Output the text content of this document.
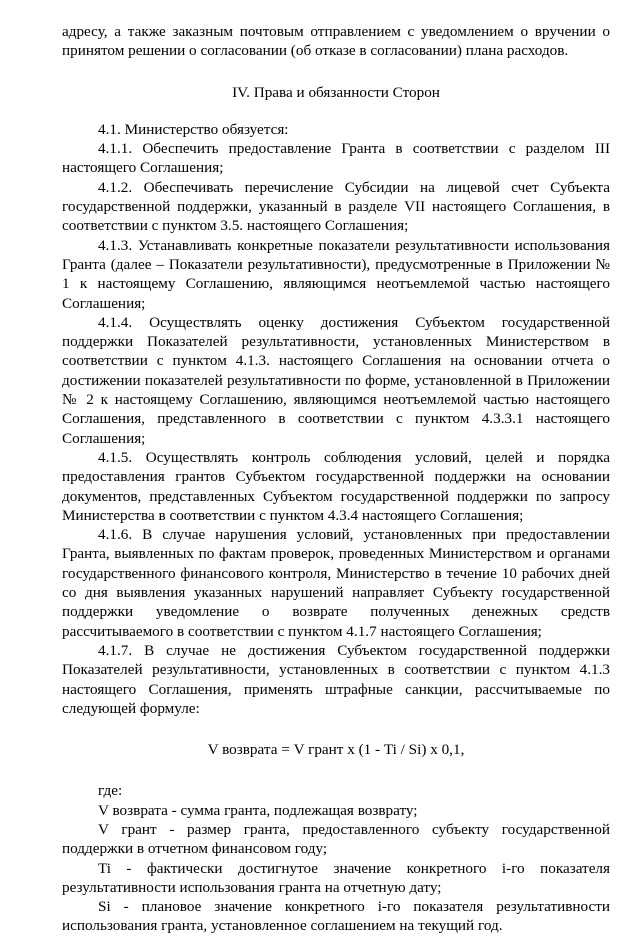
адресу, а также заказным почтовым отправлением с уведомлением о вручении о принятом решении о согласовании (об отказе в согласовании) плана расходов.

IV. Права и обязанности Сторон

4.1. Министерство обязуется:

4.1.1. Обеспечить предоставление Гранта в соответствии с разделом III настоящего Соглашения;

4.1.2. Обеспечивать перечисление Субсидии на лицевой счет Субъекта государственной поддержки, указанный в разделе VII настоящего Соглашения, в соответствии с пунктом 3.5. настоящего Соглашения;

4.1.3. Устанавливать конкретные показатели результативности использования Гранта (далее – Показатели результативности), предусмотренные в Приложении № 1 к настоящему Соглашению, являющимся неотъемлемой частью настоящего Соглашения;

4.1.4. Осуществлять оценку достижения Субъектом государственной поддержки Показателей результативности, установленных Министерством в соответствии с пунктом 4.1.3. настоящего Соглашения на основании отчета о достижении показателей результативности по форме, установленной в Приложении № 2 к настоящему Соглашению, являющимся неотъемлемой частью настоящего Соглашения, представленного в соответствии с пунктом 4.3.3.1 настоящего Соглашения;

4.1.5. Осуществлять контроль соблюдения условий, целей и порядка предоставления грантов Субъектом государственной поддержки на основании документов, представленных Субъектом государственной поддержки по запросу Министерства в соответствии с пунктом 4.3.4 настоящего Соглашения;

4.1.6. В случае нарушения условий, установленных при предоставлении Гранта, выявленных по фактам проверок, проведенных Министерством и органами государственного финансового контроля, Министерство в течение 10 рабочих дней со дня выявления указанных нарушений направляет Субъекту государственной поддержки уведомление о возврате полученных денежных средств рассчитываемого в соответствии с пунктом 4.1.7 настоящего Соглашения;

4.1.7. В случае не достижения Субъектом государственной поддержки Показателей результативности, установленных в соответствии с пунктом 4.1.3 настоящего Соглашения, применять штрафные санкции, рассчитываемые по следующей формуле:

V возврата = V грант х (1 - Ti / Si) х 0,1,

где:

V возврата - сумма гранта, подлежащая возврату;

V грант - размер гранта, предоставленного субъекту государственной поддержки в отчетном финансовом году;

Ti - фактически достигнутое значение конкретного i-го показателя результативности использования гранта на отчетную дату;

Si - плановое значение конкретного i-го показателя результативности использования гранта, установленное соглашением на текущий год.
